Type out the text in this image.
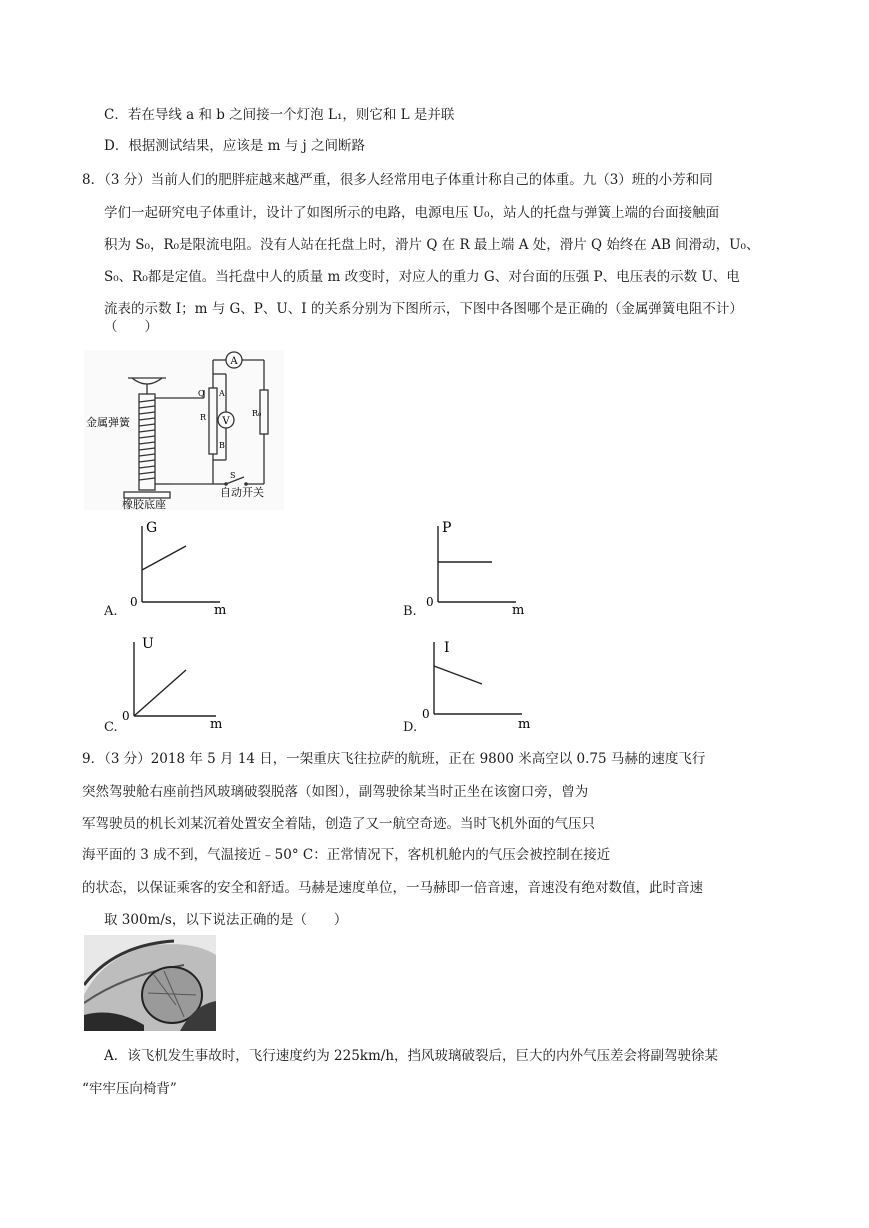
C．若在导线 a 和 b 之间接一个灯泡 L₁，则它和 L 是并联
D．根据测试结果，应该是 m 与 j 之间断路
8．（3 分）当前人们的肥胖症越来越严重，很多人经常用电子体重计称自己的体重。九（3）班的小芳和同
学们一起研究电子体重计，设计了如图所示的电路，电源电压 U₀，站人的托盘与弹簧上端的台面接触面
积为 S₀，R₀是限流电阻。没有人站在托盘上时，滑片 Q 在 R 最上端 A 处，滑片 Q 始终在 AB 间滑动，U₀、
S₀、R₀都是定值。当托盘中人的质量 m 改变时，对应人的重力 G、对台面的压强 P、电压表的示数 U、电
流表的示数 I；m 与 G、P、U、I 的关系分别为下图所示，下图中各图哪个是正确的（金属弹簧电阻不计）
（　　）
A
V
R
A
B
Q
R₀
S
金属弹簧
橡胶底座
自动开关
A.
G
0
m	B.
P
0
m
C.
U
0
m	D.
I
0
m
9．（3 分）2018 年 5 月 14 日，一架重庆飞往拉萨的航班，正在 9800 米高空以 0.75 马赫的速度飞行
突然驾驶舱右座前挡风玻璃破裂脱落（如图），副驾驶徐某当时正坐在该窗口旁，曾为
军驾驶员的机长刘某沉着处置安全着陆，创造了又一航空奇迹。当时飞机外面的气压只
海平面的 3 成不到，气温接近﹣50° C：正常情况下，客机机舱内的气压会被控制在接近
的状态，以保证乘客的安全和舒适。马赫是速度单位，一马赫即一倍音速，音速没有绝对数值，此时音速
取 300m/s，以下说法正确的是（　　）
A．该飞机发生事故时，飞行速度约为 225km/h，挡风玻璃破裂后，巨大的内外气压差会将副驾驶徐某
“牢牢压向椅背”
